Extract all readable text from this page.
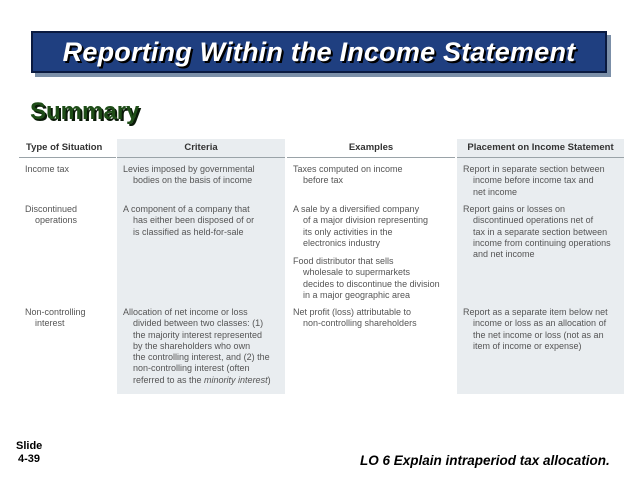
Reporting Within the Income Statement
Summary
Type of Situation
Income tax
Discontinued
operations
Non-controlling
interest
Criteria
Levies imposed by governmental
bodies on the basis of income
A component of a company that
has either been disposed of or
is classified as held-for-sale
Allocation of net income or loss
divided between two classes: (1)
the majority interest represented
by the shareholders who own
the controlling interest, and (2) the
non-controlling interest (often
referred to as the minority interest)
Examples
Taxes computed on income
before tax
A sale by a diversified company
of a major division representing
its only activities in the
electronics industry
Food distributor that sells
wholesale to supermarkets
decides to discontinue the division
in a major geographic area
Net profit (loss) attributable to
non-controlling shareholders
Placement on Income Statement
Report in separate section between
income before income tax and
net income
Report gains or losses on
discontinued operations net of
tax in a separate section between
income from continuing operations
and net income
Report as a separate item below net
income or loss as an allocation of
the net income or loss (not as an
item of income or expense)
Slide
4-39	LO 6 Explain intraperiod tax allocation.
